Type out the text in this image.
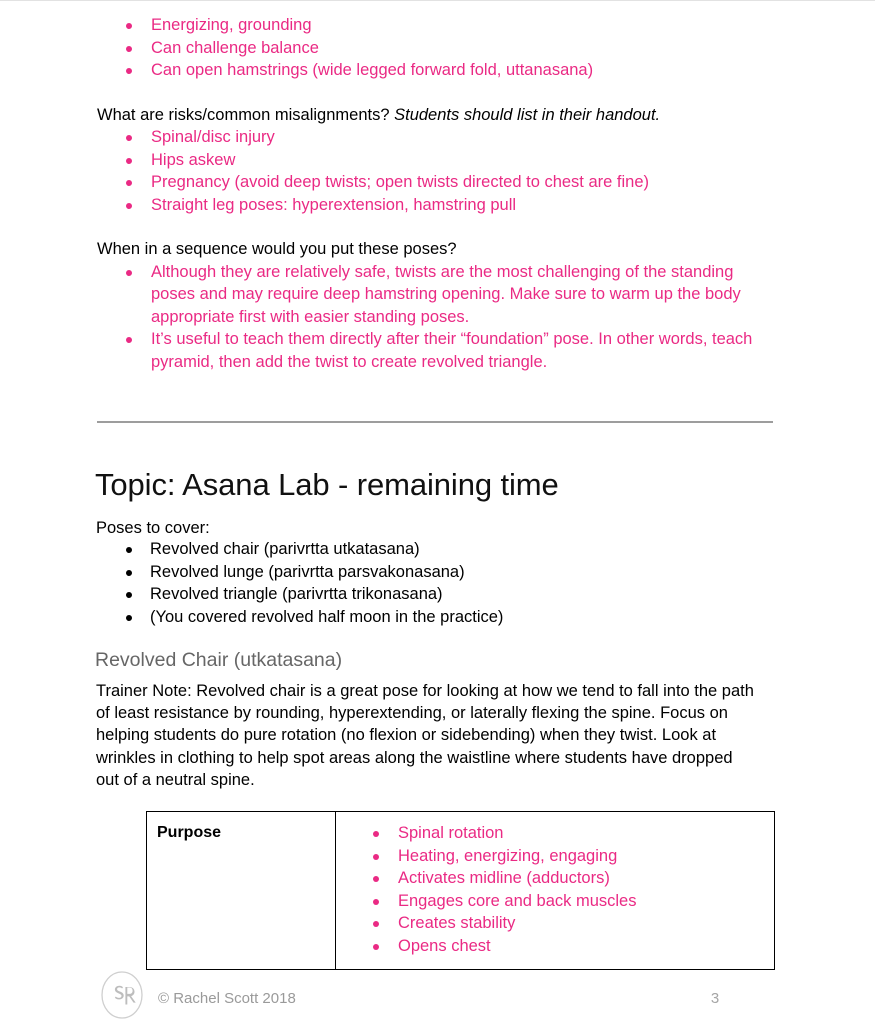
Energizing, grounding
Can challenge balance
Can open hamstrings (wide legged forward fold, uttanasana)

What are risks/common misalignments? Students should list in their handout.

Spinal/disc injury
Hips askew
Pregnancy (avoid deep twists; open twists directed to chest are fine)
Straight leg poses: hyperextension, hamstring pull

When in a sequence would you put these poses?

Although they are relatively safe, twists are the most challenging of the standing poses and may require deep hamstring opening. Make sure to warm up the body appropriate first with easier standing poses.
It’s useful to teach them directly after their “foundation” pose. In other words, teach pyramid, then add the twist to create revolved triangle.
Topic: Asana Lab - remaining time
Poses to cover:
Revolved chair (parivrtta utkatasana)
Revolved lunge (parivrtta parsvakonasana)
Revolved triangle (parivrtta trikonasana)
(You covered revolved half moon in the practice)
Revolved Chair (utkatasana)

Trainer Note: Revolved chair is a great pose for looking at how we tend to fall into the path of least resistance by rounding, hyperextending, or laterally flexing the spine. Focus on helping students do pure rotation (no flexion or sidebending) when they twist. Look at wrinkles in clothing to help spot areas along the waistline where students have dropped out of a neutral spine.

Purpose	Spinal rotation
Heating, energizing, engaging
Activates midline (adductors)
Engages core and back muscles
Creates stability
Opens chest
© Rachel Scott 2018	3
